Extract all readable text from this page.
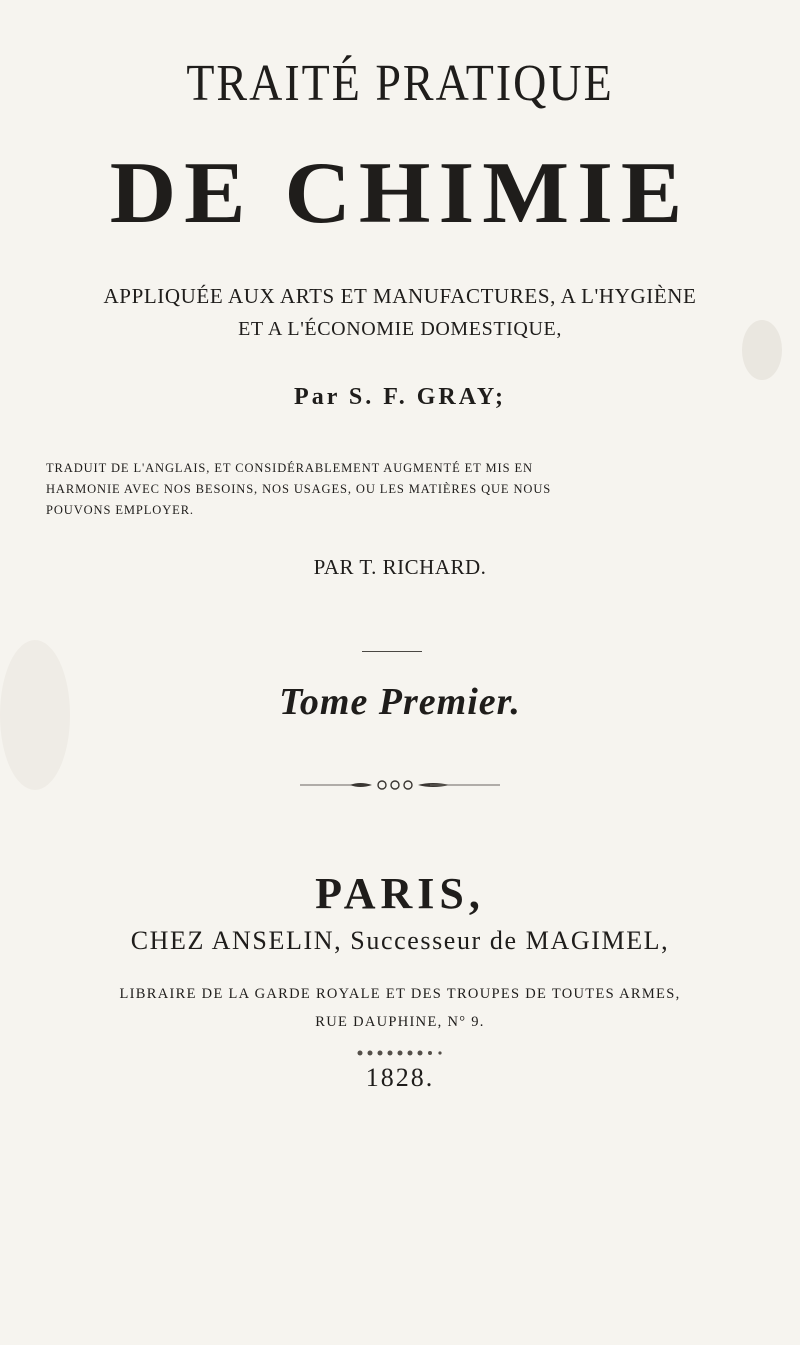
TRAITÉ PRATIQUE
DE CHIMIE
APPLIQUÉE AUX ARTS ET MANUFACTURES, A L'HYGIÈNE
ET A L'ÉCONOMIE DOMESTIQUE,
Par S. F. GRAY;
TRADUIT DE L'ANGLAIS, ET CONSIDÉRABLEMENT AUGMENTÉ ET MIS EN
HARMONIE AVEC NOS BESOINS, NOS USAGES, OU LES MATIÈRES QUE NOUS
POUVONS EMPLOYER.
PAR T. RICHARD.
Tome Premier.
PARIS,
CHEZ ANSELIN, Successeur de MAGIMEL,
LIBRAIRE DE LA GARDE ROYALE ET DES TROUPES DE TOUTES ARMES,
RUE DAUPHINE, N° 9.
1828.
